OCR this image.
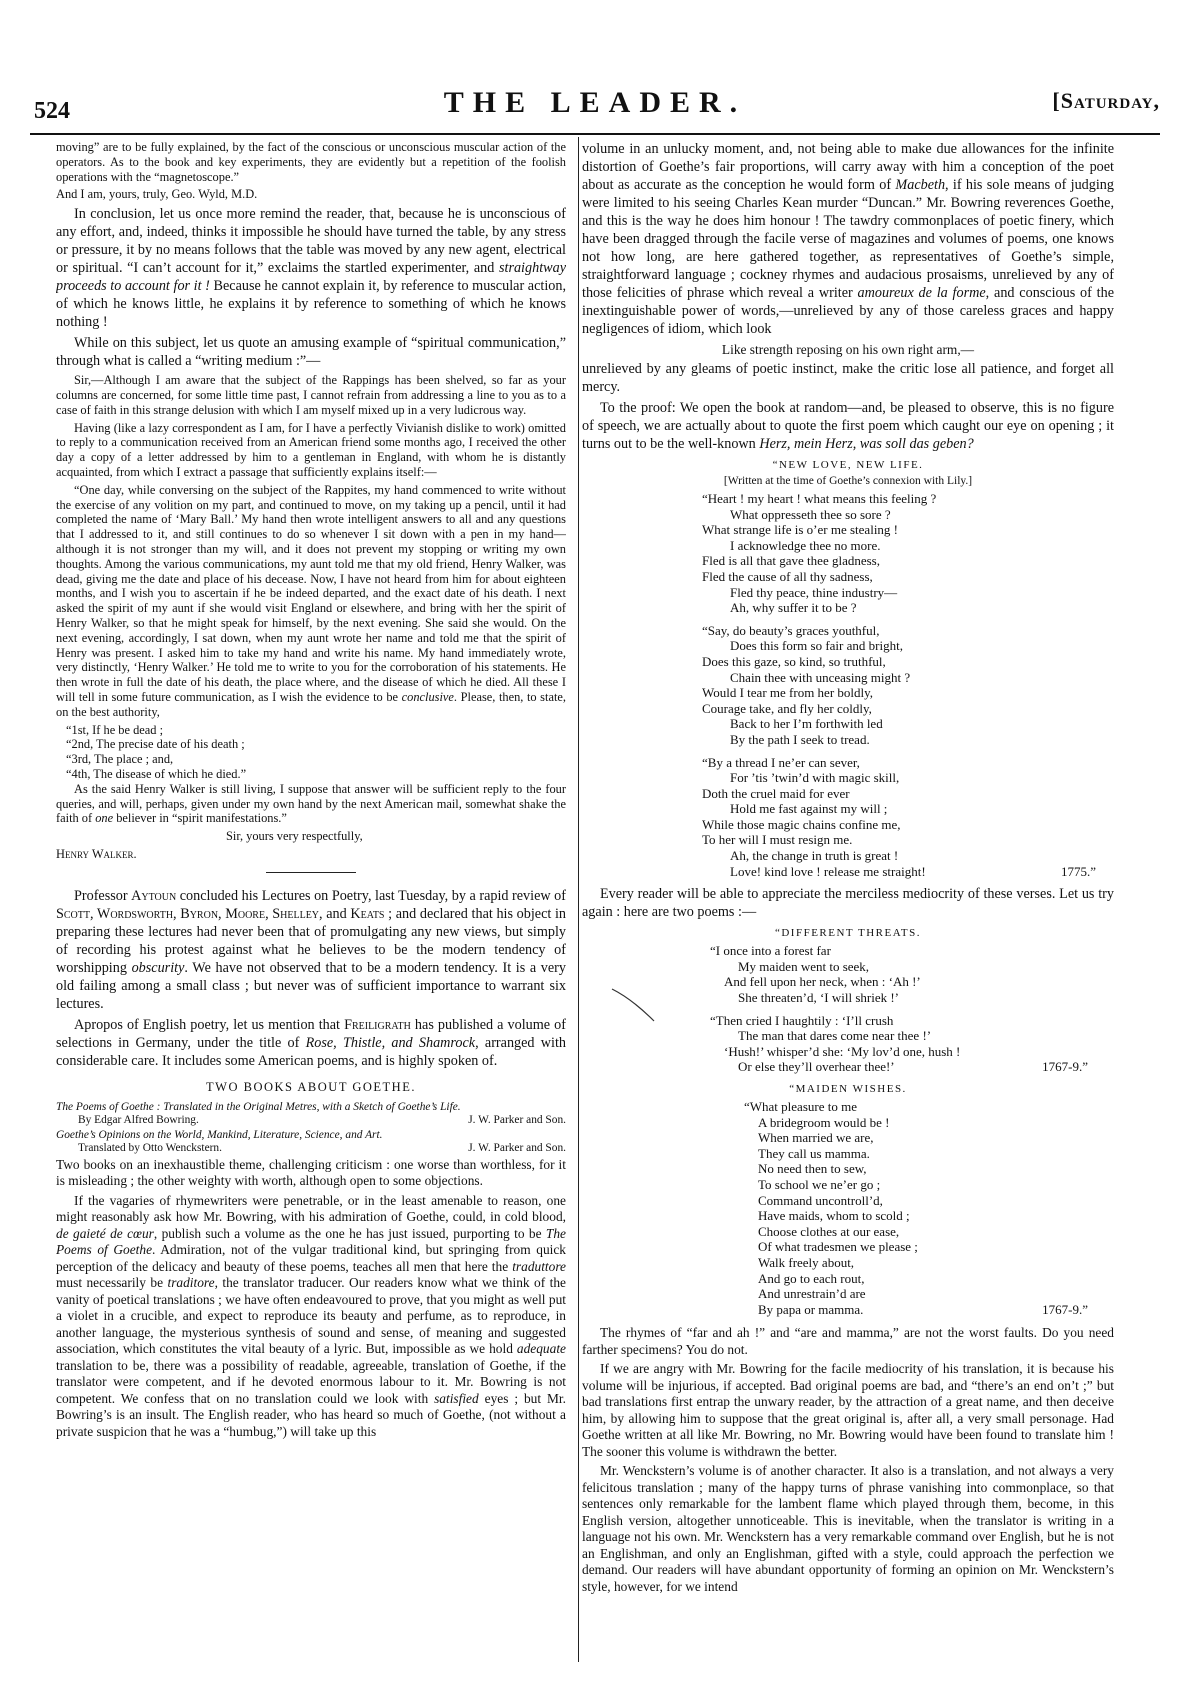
524	THE LEADER.	[Saturday,

moving” are to be fully explained, by the fact of the conscious or unconscious muscular action of the operators. As to the book and key experiments, they are evidently but a repetition of the foolish operations with the “magnetoscope.”

And I am, yours, truly, Geo. Wyld, M.D.

In conclusion, let us once more remind the reader, that, because he is unconscious of any effort, and, indeed, thinks it impossible he should have turned the table, by any stress or pressure, it by no means follows that the table was moved by any new agent, electrical or spiritual. “I can’t account for it,” exclaims the startled experimenter, and straightway proceeds to account for it ! Because he cannot explain it, by reference to muscular action, of which he knows little, he explains it by reference to something of which he knows nothing !

While on this subject, let us quote an amusing example of “spiritual communication,” through what is called a “writing medium :”—

Sir,—Although I am aware that the subject of the Rappings has been shelved, so far as your columns are concerned, for some little time past, I cannot refrain from addressing a line to you as to a case of faith in this strange delusion with which I am myself mixed up in a very ludicrous way.

Having (like a lazy correspondent as I am, for I have a perfectly Vivianish dislike to work) omitted to reply to a communication received from an American friend some months ago, I received the other day a copy of a letter addressed by him to a gentleman in England, with whom he is distantly acquainted, from which I extract a passage that sufficiently explains itself:—

“One day, while conversing on the subject of the Rappites, my hand commenced to write without the exercise of any volition on my part, and continued to move, on my taking up a pencil, until it had completed the name of ‘Mary Ball.’ My hand then wrote intelligent answers to all and any questions that I addressed to it, and still continues to do so whenever I sit down with a pen in my hand—although it is not stronger than my will, and it does not prevent my stopping or writing my own thoughts. Among the various communications, my aunt told me that my old friend, Henry Walker, was dead, giving me the date and place of his decease. Now, I have not heard from him for about eighteen months, and I wish you to ascertain if he be indeed departed, and the exact date of his death. I next asked the spirit of my aunt if she would visit England or elsewhere, and bring with her the spirit of Henry Walker, so that he might speak for himself, by the next evening. She said she would. On the next evening, accordingly, I sat down, when my aunt wrote her name and told me that the spirit of Henry was present. I asked him to take my hand and write his name. My hand immediately wrote, very distinctly, ‘Henry Walker.’ He told me to write to you for the corroboration of his statements. He then wrote in full the date of his death, the place where, and the disease of which he died. All these I will tell in some future communication, as I wish the evidence to be conclusive. Please, then, to state, on the best authority,

“1st, If he be dead ;
“2nd, The precise date of his death ;
“3rd, The place ; and,
“4th, The disease of which he died.”

As the said Henry Walker is still living, I suppose that answer will be sufficient reply to the four queries, and will, perhaps, given under my own hand by the next American mail, somewhat shake the faith of one believer in “spirit manifestations.”

Sir, yours very respectfully,

Henry Walker.

Professor Aytoun concluded his Lectures on Poetry, last Tuesday, by a rapid review of Scott, Wordsworth, Byron, Moore, Shelley, and Keats ; and declared that his object in preparing these lectures had never been that of promulgating any new views, but simply of recording his protest against what he believes to be the modern tendency of worshipping obscurity. We have not observed that to be a modern tendency. It is a very old failing among a small class ; but never was of sufficient importance to warrant six lectures.

Apropos of English poetry, let us mention that Freiligrath has published a volume of selections in Germany, under the title of Rose, Thistle, and Shamrock, arranged with considerable care. It includes some American poems, and is highly spoken of.

TWO BOOKS ABOUT GOETHE.
The Poems of Goethe : Translated in the Original Metres, with a Sketch of Goethe’s Life.
By Edgar Alfred Bowring.	J. W. Parker and Son.
Goethe’s Opinions on the World, Mankind, Literature, Science, and Art.
Translated by Otto Wenckstern.	J. W. Parker and Son.

Two books on an inexhaustible theme, challenging criticism : one worse than worthless, for it is misleading ; the other weighty with worth, although open to some objections.

If the vagaries of rhymewriters were penetrable, or in the least amenable to reason, one might reasonably ask how Mr. Bowring, with his admiration of Goethe, could, in cold blood, de gaieté de cœur, publish such a volume as the one he has just issued, purporting to be The Poems of Goethe. Admiration, not of the vulgar traditional kind, but springing from quick perception of the delicacy and beauty of these poems, teaches all men that here the traduttore must necessarily be traditore, the translator traducer. Our readers know what we think of the vanity of poetical translations ; we have often endeavoured to prove, that you might as well put a violet in a crucible, and expect to reproduce its beauty and perfume, as to reproduce, in another language, the mysterious synthesis of sound and sense, of meaning and suggested association, which constitutes the vital beauty of a lyric. But, impossible as we hold adequate translation to be, there was a possibility of readable, agreeable, translation of Goethe, if the translator were competent, and if he devoted enormous labour to it. Mr. Bowring is not competent. We confess that on no translation could we look with satisfied eyes ; but Mr. Bowring’s is an insult. The English reader, who has heard so much of Goethe, (not without a private suspicion that he was a “humbug,”) will take up this

volume in an unlucky moment, and, not being able to make due allowances for the infinite distortion of Goethe’s fair proportions, will carry away with him a conception of the poet about as accurate as the conception he would form of Macbeth, if his sole means of judging were limited to his seeing Charles Kean murder “Duncan.” Mr. Bowring reverences Goethe, and this is the way he does him honour ! The tawdry commonplaces of poetic finery, which have been dragged through the facile verse of magazines and volumes of poems, one knows not how long, are here gathered together, as representatives of Goethe’s simple, straightforward language ; cockney rhymes and audacious prosaisms, unrelieved by any of those felicities of phrase which reveal a writer amoureux de la forme, and conscious of the inextinguishable power of words,—unrelieved by any of those careless graces and happy negligences of idiom, which look

Like strength reposing on his own right arm,—

unrelieved by any gleams of poetic instinct, make the critic lose all patience, and forget all mercy.

To the proof: We open the book at random—and, be pleased to observe, this is no figure of speech, we are actually about to quote the first poem which caught our eye on opening ; it turns out to be the well-known Herz, mein Herz, was soll das geben?

“NEW LOVE, NEW LIFE.
[Written at the time of Goethe’s connexion with Lily.]
“Heart ! my heart ! what means this feeling ?
What oppresseth thee so sore ?
What strange life is o’er me stealing !
I acknowledge thee no more.
Fled is all that gave thee gladness,
Fled the cause of all thy sadness,
Fled thy peace, thine industry—
Ah, why suffer it to be ?
“Say, do beauty’s graces youthful,
Does this form so fair and bright,
Does this gaze, so kind, so truthful,
Chain thee with unceasing might ?
Would I tear me from her boldly,
Courage take, and fly her coldly,
Back to her I’m forthwith led
By the path I seek to tread.
“By a thread I ne’er can sever,
For ’tis ’twin’d with magic skill,
Doth the cruel maid for ever
Hold me fast against my will ;
While those magic chains confine me,
To her will I must resign me.
Ah, the change in truth is great !
Love! kind love ! release me straight!	1775.”

Every reader will be able to appreciate the merciless mediocrity of these verses. Let us try again : here are two poems :—

“DIFFERENT THREATS.
“I once into a forest far
My maiden went to seek,
And fell upon her neck, when : ‘Ah !’
She threaten’d, ‘I will shriek !’
“Then cried I haughtily : ‘I’ll crush
The man that dares come near thee !’
‘Hush!’ whisper’d she: ‘My lov’d one, hush !
Or else they’ll overhear thee!’	1767-9.”
“MAIDEN WISHES.
“What pleasure to me
A bridegroom would be !
When married we are,
They call us mamma.
No need then to sew,
To school we ne’er go ;
Command uncontroll’d,
Have maids, whom to scold ;
Choose clothes at our ease,
Of what tradesmen we please ;
Walk freely about,
And go to each rout,
And unrestrain’d are
By papa or mamma.	1767-9.”

The rhymes of “far and ah !” and “are and mamma,” are not the worst faults. Do you need farther specimens? You do not.

If we are angry with Mr. Bowring for the facile mediocrity of his translation, it is because his volume will be injurious, if accepted. Bad original poems are bad, and “there’s an end on’t ;” but bad translations first entrap the unwary reader, by the attraction of a great name, and then deceive him, by allowing him to suppose that the great original is, after all, a very small personage. Had Goethe written at all like Mr. Bowring, no Mr. Bowring would have been found to translate him ! The sooner this volume is withdrawn the better.

Mr. Wenckstern’s volume is of another character. It also is a translation, and not always a very felicitous translation ; many of the happy turns of phrase vanishing into commonplace, so that sentences only remarkable for the lambent flame which played through them, become, in this English version, altogether unnoticeable. This is inevitable, when the translator is writing in a language not his own. Mr. Wenckstern has a very remarkable command over English, but he is not an Englishman, and only an Englishman, gifted with a style, could approach the perfection we demand. Our readers will have abundant opportunity of forming an opinion on Mr. Wenckstern’s style, however, for we intend
